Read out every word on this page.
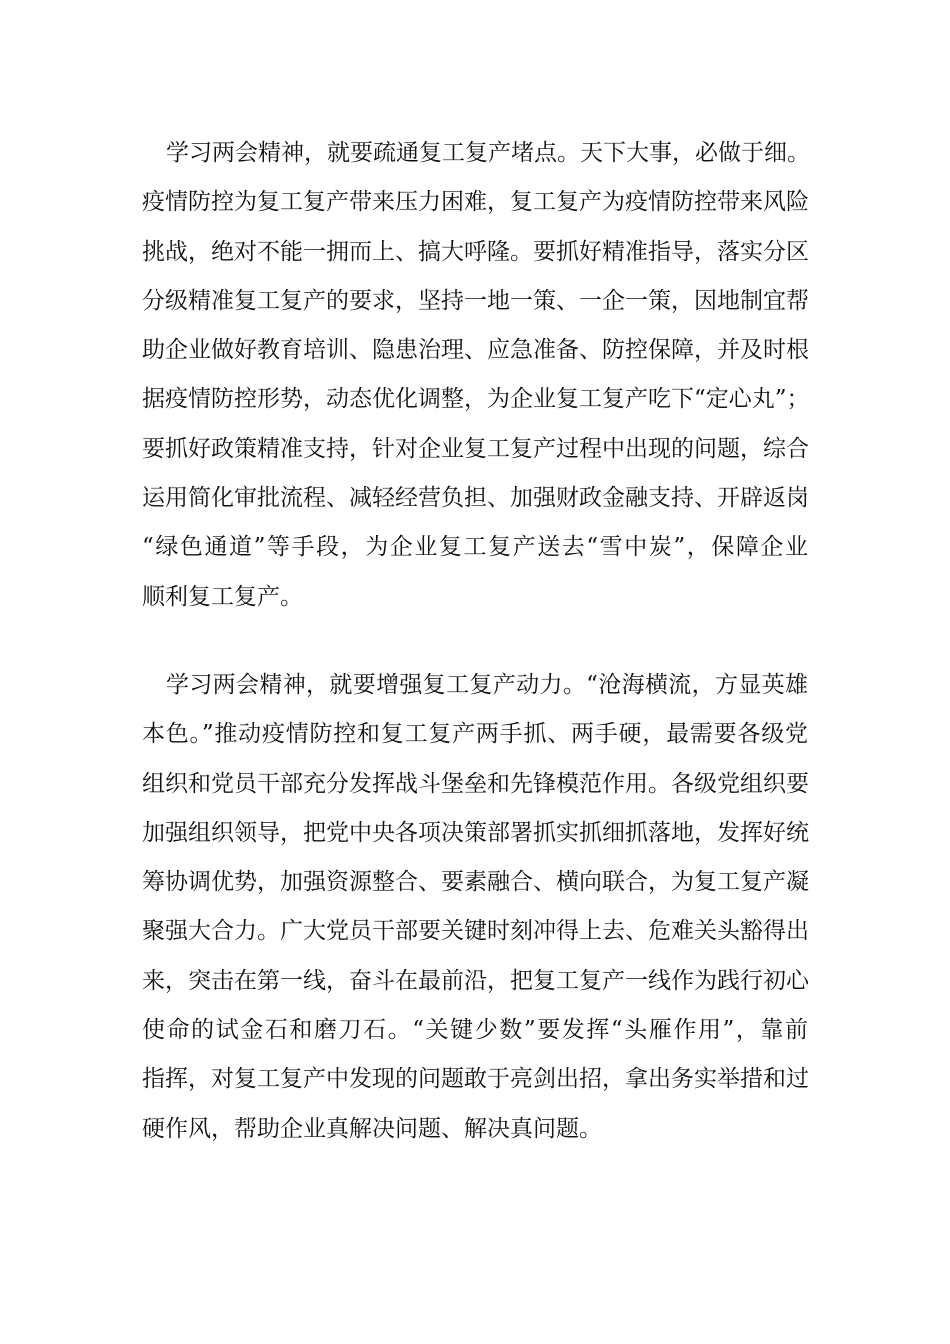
学习两会精神，就要疏通复工复产堵点。天下大事，必做于细。
疫情防控为复工复产带来压力困难，复工复产为疫情防控带来风险
挑战，绝对不能一拥而上、搞大呼隆。要抓好精准指导，落实分区
分级精准复工复产的要求，坚持一地一策、一企一策，因地制宜帮
助企业做好教育培训、隐患治理、应急准备、防控保障，并及时根
据疫情防控形势，动态优化调整，为企业复工复产吃下“定心丸”；
要抓好政策精准支持，针对企业复工复产过程中出现的问题，综合
运用简化审批流程、减轻经营负担、加强财政金融支持、开辟返岗
“绿色通道”等手段，为企业复工复产送去“雪中炭”，保障企业
顺利复工复产。
学习两会精神，就要增强复工复产动力。“沧海横流，方显英雄
本色。”推动疫情防控和复工复产两手抓、两手硬，最需要各级党
组织和党员干部充分发挥战斗堡垒和先锋模范作用。各级党组织要
加强组织领导，把党中央各项决策部署抓实抓细抓落地，发挥好统
筹协调优势，加强资源整合、要素融合、横向联合，为复工复产凝
聚强大合力。广大党员干部要关键时刻冲得上去、危难关头豁得出
来，突击在第一线，奋斗在最前沿，把复工复产一线作为践行初心
使命的试金石和磨刀石。“关键少数”要发挥“头雁作用”，靠前
指挥，对复工复产中发现的问题敢于亮剑出招，拿出务实举措和过
硬作风，帮助企业真解决问题、解决真问题。
